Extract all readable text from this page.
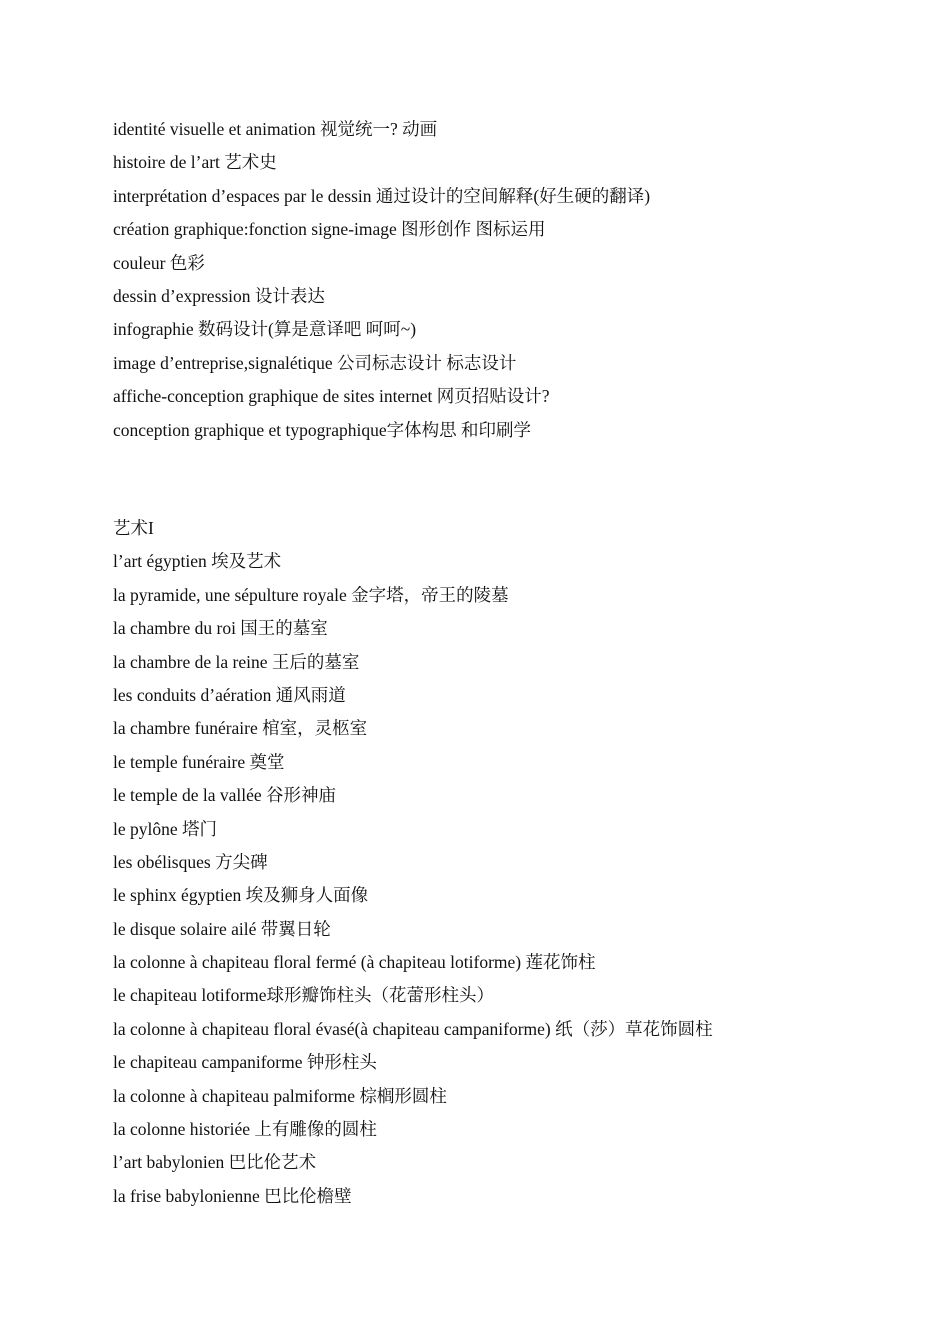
identité visuelle et animation 视觉统一? 动画
histoire de l’art 艺术史
interprétation d’espaces par le dessin 通过设计的空间解释(好生硬的翻译)
création graphique:fonction signe-image 图形创作 图标运用
couleur 色彩
dessin d’expression 设计表达
infographie 数码设计(算是意译吧 呵呵~)
image d’entreprise,signalétique 公司标志设计 标志设计
affiche-conception graphique de sites internet 网页招贴设计?
conception graphique et typographique字体构思 和印刷学
艺术I
l’art égyptien 埃及艺术
la pyramide, une sépulture royale 金字塔，帝王的陵墓
la chambre du roi 国王的墓室
la chambre de la reine 王后的墓室
les conduits d’aération 通风雨道
la chambre funéraire 棺室，灵柩室
le temple funéraire 奠堂
le temple de la vallée 谷形神庙
le pylône 塔门
les obélisques 方尖碑
le sphinx égyptien 埃及狮身人面像
le disque solaire ailé 带翼日轮
la colonne à chapiteau floral fermé (à chapiteau lotiforme) 莲花饰柱
le chapiteau lotiforme球形瓣饰柱头（花蕾形柱头）
la colonne à chapiteau floral évasé(à chapiteau campaniforme) 纸（莎）草花饰圆柱
le chapiteau campaniforme 钟形柱头
la colonne à chapiteau palmiforme 棕榈形圆柱
la colonne historiée 上有雕像的圆柱
l’art babylonien 巴比伦艺术
la frise babylonienne 巴比伦檐壁
